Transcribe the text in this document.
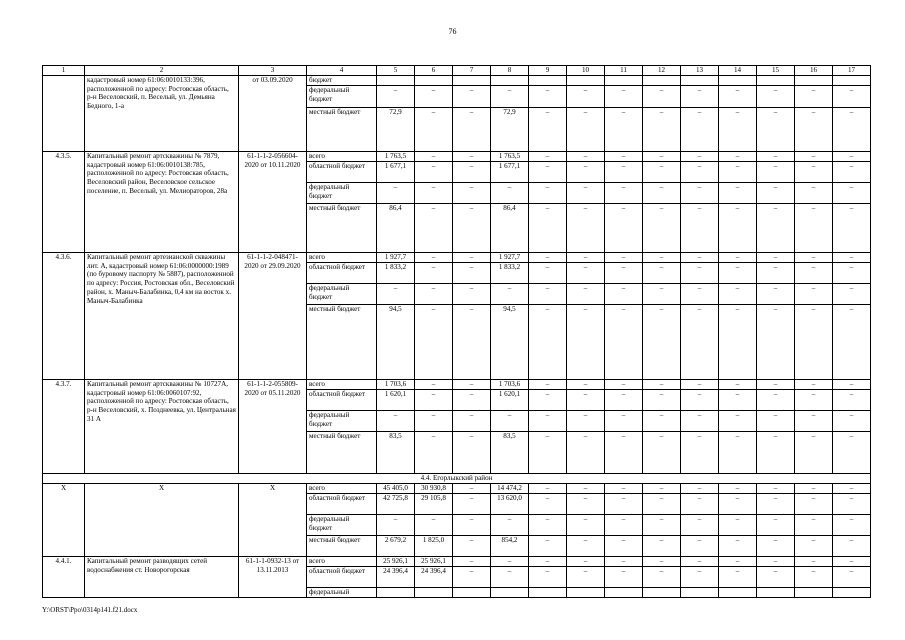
76
1	2	3	4	5	6	7	8	9	10	11	12	13	14	15	16	17
	кадастровый номер 61:06:0010133:396, расположенной по адресу: Ростовская область, р-н Веселовский, п. Веселый, ул. Демьяна Бедного, 1-а	от 03.09.2020	бюджет													
			федеральный бюджет	–	–	–	–	–	–	–	–	–	–	–	–	–
			местный бюджет	72,9	–	–	72,9	–	–	–	–	–	–	–	–	–
4.3.5.	Капитальный ремонт артскважины № 7879, кадастровый номер 61:06:0010138:785, расположенной по адресу: Ростовская область, Веселовский район, Веселовское сельское поселение, п. Веселый, ул. Мелиораторов, 28а	61-1-1-2-056604-2020 от 10.11.2020	всего	1 763,5	–	–	1 763,5	–	–	–	–	–	–	–	–	–
			областной бюджет	1 677,1	–	–	1 677,1	–	–	–	–	–	–	–	–	–
			федеральный бюджет	–	–	–	–	–	–	–	–	–	–	–	–	–
			местный бюджет	86,4	–	–	86,4	–	–	–	–	–	–	–	–	–
4.3.6.	Капитальный ремонт артезианской скважины лит. А, кадастровый номер 61:06:0000000:1989 (по буровому паспорту № 5887), расположенной по адресу: Россия, Ростовская обл., Веселовский район, х. Маныч-Балабинка, 0,4 км на восток х. Маныч-Балабинка	61-1-1-2-048471-2020 от 29.09.2020	всего	1 927,7	–	–	1 927,7	–	–	–	–	–	–	–	–	–
			областной бюджет	1 833,2	–	–	1 833,2	–	–	–	–	–	–	–	–	–
			федеральный бюджет	–	–	–	–	–	–	–	–	–	–	–	–	–
			местный бюджет	94,5	–	–	94,5	–	–	–	–	–	–	–	–	–
4.3.7.	Капитальный ремонт артскважины № 10727А, кадастровый номер 61:06:0060107:92, расположенной по адресу: Ростовская область, р-н Веселовский, х. Позднеевка, ул. Центральная 31 А	61-1-1-2-055809-2020 от 05.11.2020	всего	1 703,6	–	–	1 703,6	–	–	–	–	–	–	–	–	–
			областной бюджет	1 620,1	–	–	1 620,1	–	–	–	–	–	–	–	–	–
			федеральный бюджет	–	–	–	–	–	–	–	–	–	–	–	–	–
			местный бюджет	83,5	–	–	83,5	–	–	–	–	–	–	–	–	–
4.4. Егорлыкский район																
Х	Х	Х	всего	45 405,0	30 930,8	–	14 474,2	–	–	–	–	–	–	–	–	–
			областной бюджет	42 725,8	29 105,8	–	13 620,0	–	–	–	–	–	–	–	–	–
			федеральный бюджет	–	–	–	–	–	–	–	–	–	–	–	–	–
			местный бюджет	2 679,2	1 825,0	–	854,2	–	–	–	–	–	–	–	–	–
4.4.1.	Капитальный ремонт разводящих сетей водоснабжения ст. Новорогорская	61-1-1-0932-13 от 13.11.2013	всего	25 926,1	25 926,1	–	–	–	–	–	–	–	–	–	–	–
			областной бюджет	24 396,4	24 396,4	–	–	–	–	–	–	–	–	–	–	–
			федеральный													
Y:\ORST\Ppo\0314p141.f21.docx
